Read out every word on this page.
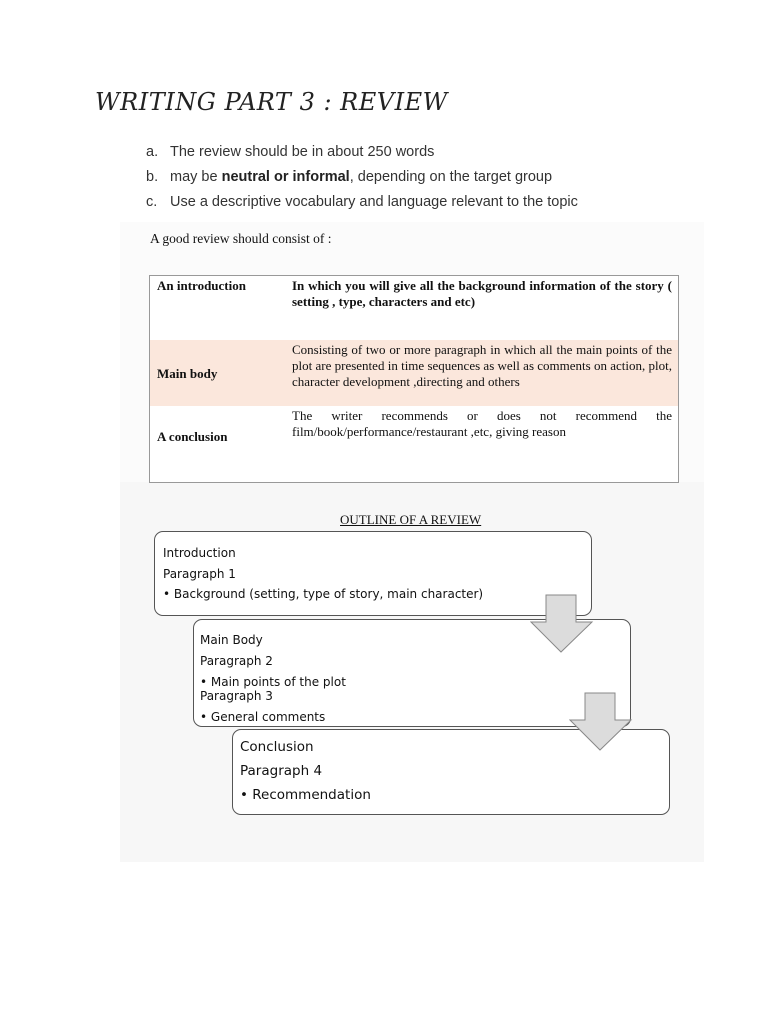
WRITING PART 3 : REVIEW
a. The review should be in about 250 words
b. may be neutral or informal, depending on the target group
c. Use a descriptive vocabulary and language relevant to the topic
A good review should consist of :
An introduction	In which you will give all the background information of the story ( setting , type, characters and etc)
Main body	Consisting of two or more paragraph in which all the main points of the plot are presented in time sequences as well as comments on action, plot, character development ,directing and others
A conclusion	The writer recommends or does not recommend the film/book/performance/restaurant ,etc, giving reason
OUTLINE OF A REVIEW
Introduction
Paragraph 1
• Background (setting, type of story, main character)
Main Body
Paragraph 2
• Main points of the plot
Paragraph 3
• General comments
Conclusion
Paragraph 4
• Recommendation
